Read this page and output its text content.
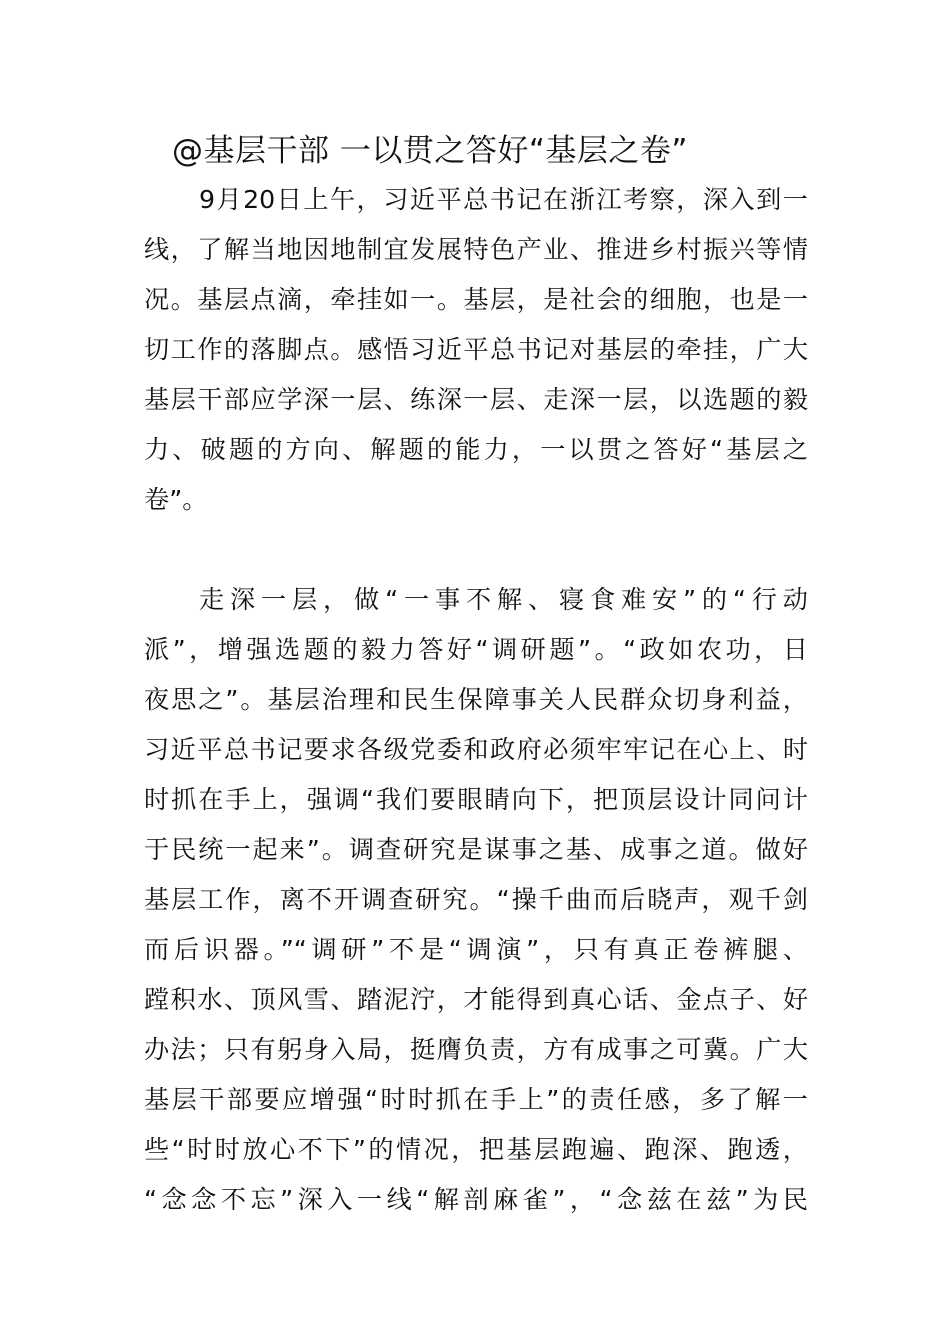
@基层干部 一以贯之答好“基层之卷”
9月20日上午，习近平总书记在浙江考察，深入到一
线，了解当地因地制宜发展特色产业、推进乡村振兴等情
况。基层点滴，牵挂如一。基层，是社会的细胞，也是一
切工作的落脚点。感悟习近平总书记对基层的牵挂，广大
基层干部应学深一层、练深一层、走深一层，以选题的毅
力、破题的方向、解题的能力，一以贯之答好“基层之
卷”。
走深一层，做“一事不解、寝食难安”的“行动
派”，增强选题的毅力答好“调研题”。“政如农功，日
夜思之”。基层治理和民生保障事关人民群众切身利益，
习近平总书记要求各级党委和政府必须牢牢记在心上、时
时抓在手上，强调“我们要眼睛向下，把顶层设计同问计
于民统一起来”。调查研究是谋事之基、成事之道。做好
基层工作，离不开调查研究。“操千曲而后晓声，观千剑
而后识器。”“调研”不是“调演”，只有真正卷裤腿、
蹚积水、顶风雪、踏泥泞，才能得到真心话、金点子、好
办法；只有躬身入局，挺膺负责，方有成事之可冀。广大
基层干部要应增强“时时抓在手上”的责任感，多了解一
些“时时放心不下”的情况，把基层跑遍、跑深、跑透，
“念念不忘”深入一线“解剖麻雀”，“念兹在兹”为民
